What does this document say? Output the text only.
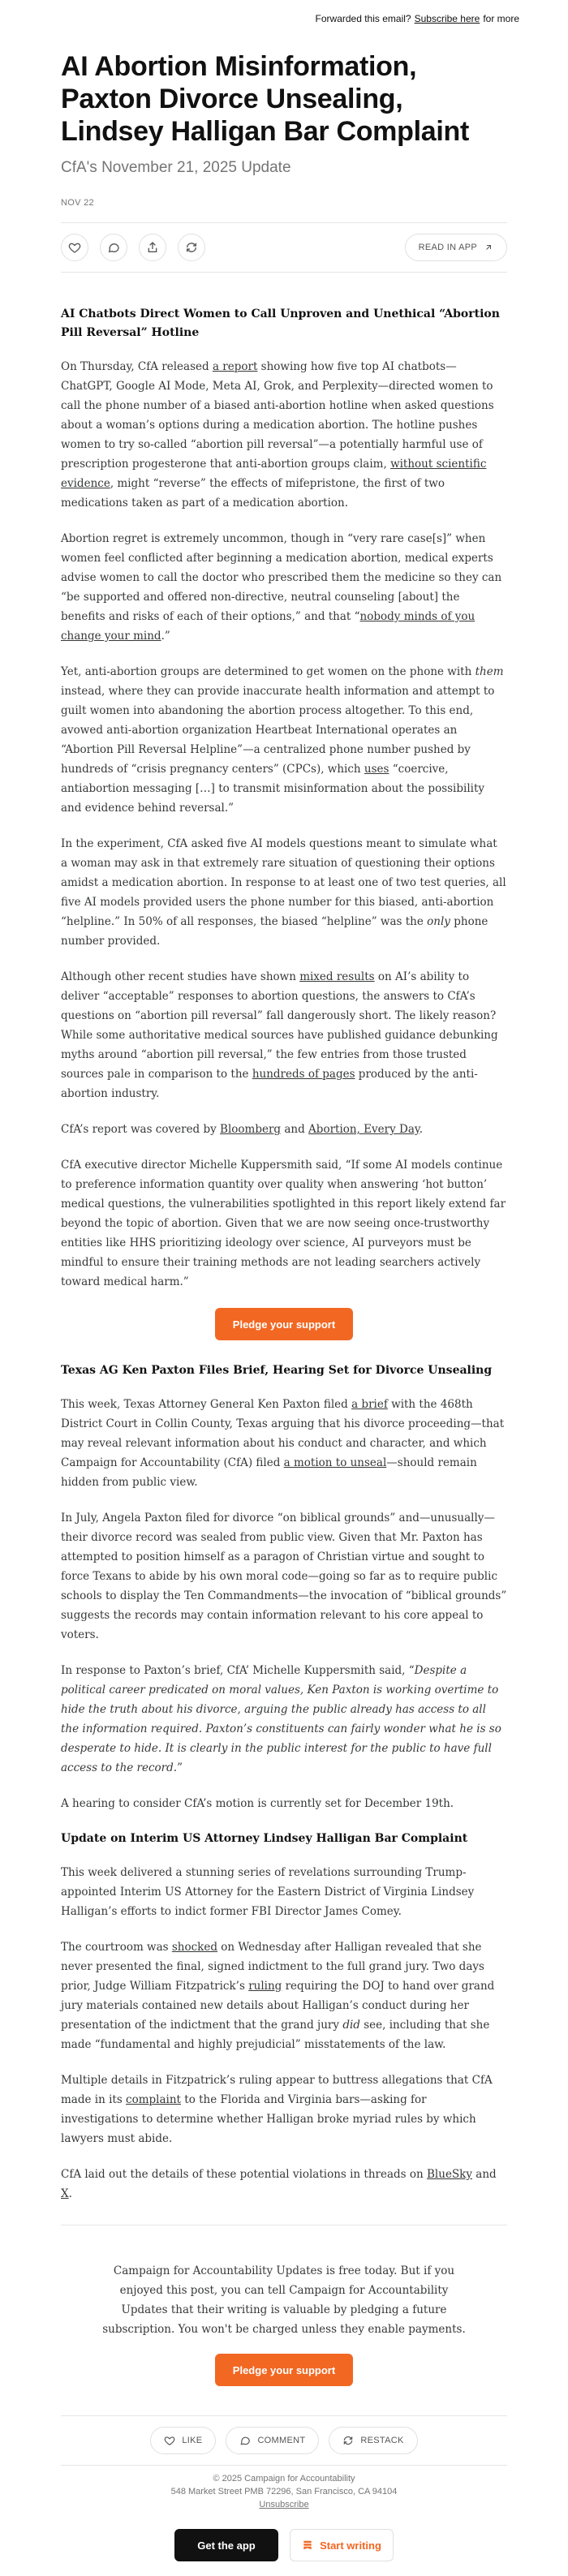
Forwarded this email? Subscribe here for more
AI Abortion Misinformation, Paxton Divorce Unsealing, Lindsey Halligan Bar Complaint
CfA's November 21, 2025 Update
NOV 22
READ IN APP
AI Chatbots Direct Women to Call Unproven and Unethical “Abortion Pill Reversal” Hotline

On Thursday, CfA released a report showing how five top AI chatbots—ChatGPT, Google AI Mode, Meta AI, Grok, and Perplexity—directed women to call the phone number of a biased anti-abortion hotline when asked questions about a woman’s options during a medication abortion. The hotline pushes women to try so-called “abortion pill reversal”—a potentially harmful use of prescription progesterone that anti-abortion groups claim, without scientific evidence, might “reverse” the effects of mifepristone, the first of two medications taken as part of a medication abortion.

Abortion regret is extremely uncommon, though in “very rare case[s]” when women feel conflicted after beginning a medication abortion, medical experts advise women to call the doctor who prescribed them the medicine so they can “be supported and offered non-directive, neutral counseling [about] the benefits and risks of each of their options,” and that “nobody minds of you change your mind.”

Yet, anti-abortion groups are determined to get women on the phone with them instead, where they can provide inaccurate health information and attempt to guilt women into abandoning the abortion process altogether. To this end, avowed anti-abortion organization Heartbeat International operates an “Abortion Pill Reversal Helpline”—a centralized phone number pushed by hundreds of “crisis pregnancy centers” (CPCs), which uses “coercive, antiabortion messaging […] to transmit misinformation about the possibility and evidence behind reversal.”

In the experiment, CfA asked five AI models questions meant to simulate what a woman may ask in that extremely rare situation of questioning their options amidst a medication abortion. In response to at least one of two test queries, all five AI models provided users the phone number for this biased, anti-abortion “helpline.” In 50% of all responses, the biased “helpline” was the only phone number provided.

Although other recent studies have shown mixed results on AI’s ability to deliver “acceptable” responses to abortion questions, the answers to CfA’s questions on “abortion pill reversal” fall dangerously short. The likely reason? While some authoritative medical sources have published guidance debunking myths around “abortion pill reversal,” the few entries from those trusted sources pale in comparison to the hundreds of pages produced by the anti-abortion industry.

CfA’s report was covered by Bloomberg and Abortion, Every Day.

CfA executive director Michelle Kuppersmith said, “If some AI models continue to preference information quantity over quality when answering ‘hot button’ medical questions, the vulnerabilities spotlighted in this report likely extend far beyond the topic of abortion. Given that we are now seeing once-trustworthy entities like HHS prioritizing ideology over science, AI purveyors must be mindful to ensure their training methods are not leading searchers actively toward medical harm.”

Pledge your support
Texas AG Ken Paxton Files Brief, Hearing Set for Divorce Unsealing

This week, Texas Attorney General Ken Paxton filed a brief with the 468th District Court in Collin County, Texas arguing that his divorce proceeding—that may reveal relevant information about his conduct and character, and which Campaign for Accountability (CfA) filed a motion to unseal—should remain hidden from public view.

In July, Angela Paxton filed for divorce “on biblical grounds” and—unusually—their divorce record was sealed from public view. Given that Mr. Paxton has attempted to position himself as a paragon of Christian virtue and sought to force Texans to abide by his own moral code—going so far as to require public schools to display the Ten Commandments—the invocation of “biblical grounds” suggests the records may contain information relevant to his core appeal to voters.

In response to Paxton’s brief, CfA’ Michelle Kuppersmith said, “Despite a political career predicated on moral values, Ken Paxton is working overtime to hide the truth about his divorce, arguing the public already has access to all the information required. Paxton’s constituents can fairly wonder what he is so desperate to hide. It is clearly in the public interest for the public to have full access to the record.”

A hearing to consider CfA’s motion is currently set for December 19th.

Update on Interim US Attorney Lindsey Halligan Bar Complaint

This week delivered a stunning series of revelations surrounding Trump-appointed Interim US Attorney for the Eastern District of Virginia Lindsey Halligan’s efforts to indict former FBI Director James Comey.

The courtroom was shocked on Wednesday after Halligan revealed that she never presented the final, signed indictment to the full grand jury. Two days prior, Judge William Fitzpatrick’s ruling requiring the DOJ to hand over grand jury materials contained new details about Halligan’s conduct during her presentation of the indictment that the grand jury did see, including that she made “fundamental and highly prejudicial” misstatements of the law.

Multiple details in Fitzpatrick’s ruling appear to buttress allegations that CfA made in its complaint to the Florida and Virginia bars—asking for investigations to determine whether Halligan broke myriad rules by which lawyers must abide.

CfA laid out the details of these potential violations in threads on BlueSky and X.

Campaign for Accountability Updates is free today. But if you enjoyed this post, you can tell Campaign for Accountability Updates that their writing is valuable by pledging a future subscription. You won't be charged unless they enable payments.
Pledge your support
LIKE	COMMENT	RESTACK
© 2025 Campaign for Accountability
548 Market Street PMB 72296, San Francisco, CA 94104
Unsubscribe
Get the app	Start writing
